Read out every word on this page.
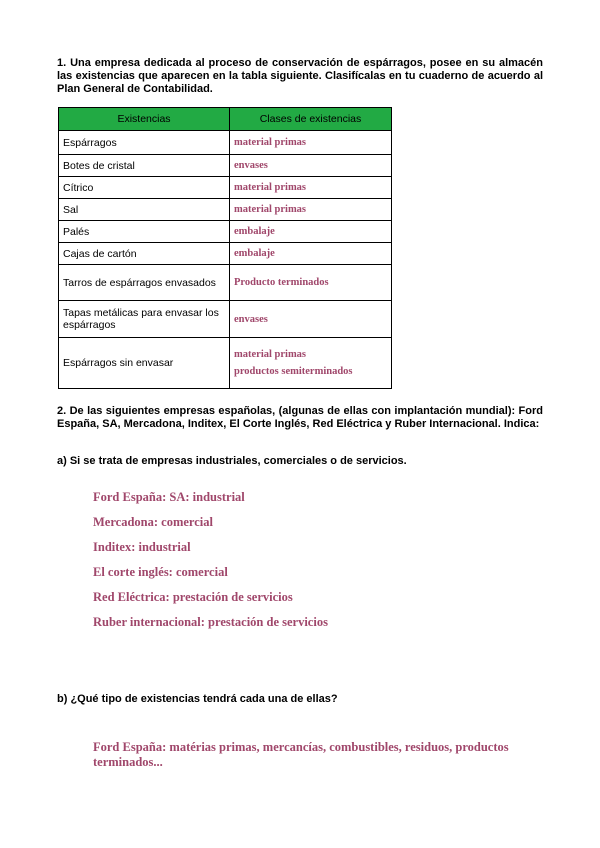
1. Una empresa dedicada al proceso de conservación de espárragos, posee en su almacén las existencias que aparecen en la tabla siguiente. Clasifícalas en tu cuaderno de acuerdo al Plan General de Contabilidad.

Existencias	Clases de existencias
Espárragos	material primas
Botes de cristal	envases
Cítrico	material primas
Sal	material primas
Palés	embalaje
Cajas de cartón	embalaje
Tarros de espárragos envasados	Producto terminados
Tapas metálicas para envasar los espárragos	envases
Espárragos sin envasar	material primas
productos semiterminados

2. De las siguientes empresas españolas, (algunas de ellas con implantación mundial): Ford España, SA, Mercadona, Inditex, El Corte Inglés, Red Eléctrica y Ruber Internacional. Indica:

a) Si se trata de empresas industriales, comerciales o de servicios.

Ford España: SA: industrial
Mercadona: comercial
Inditex: industrial
El corte inglés: comercial
Red Eléctrica: prestación de servicios
Ruber internacional: prestación de servicios

b) ¿Qué tipo de existencias tendrá cada una de ellas?

Ford España: matérias primas, mercancías, combustibles, residuos, productos terminados...
